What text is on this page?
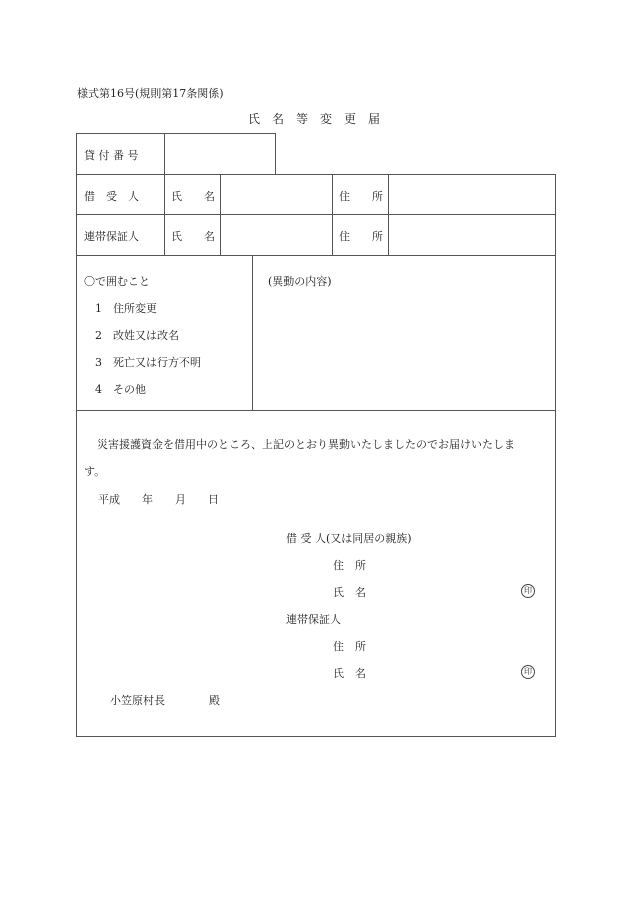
様式第16号(規則第17条関係)
氏　名　等　変　更　届
貸 付 番 号
借　受　人	氏　　名	住　　所
連帯保証人	氏　　名	住　　所
〇で囲むこと
1　住所変更
2　改姓又は改名
3　死亡又は行方不明
4　その他
(異動の内容)
災害援護資金を借用中のところ、上記のとおり異動いたしましたのでお届けいたしま
す。
平成　　年　　月　　日
借 受 人(又は同居の親族)
住　所
氏　名	印
連帯保証人
住　所
氏　名	印
小笠原村長　　　　殿
